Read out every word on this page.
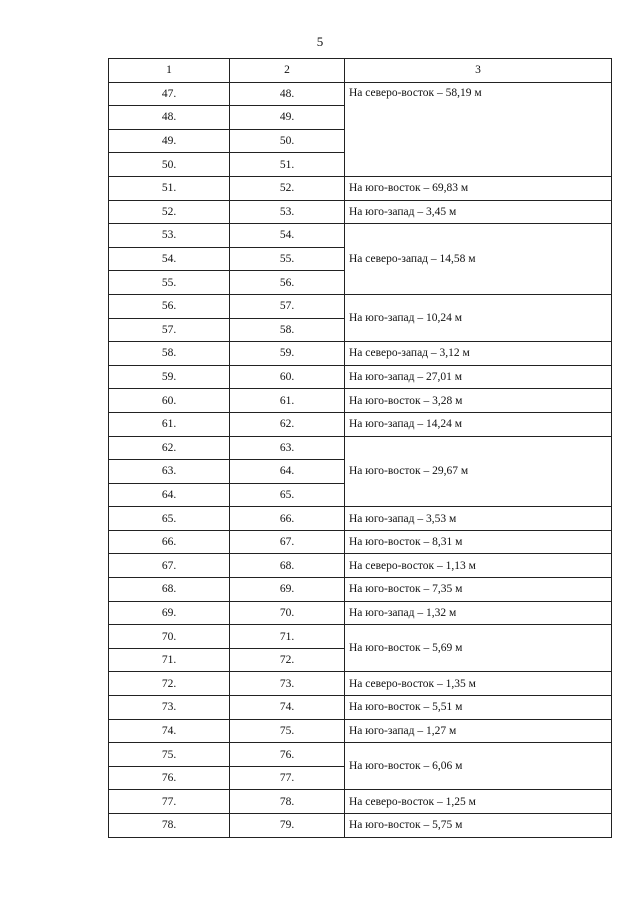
5
1	2	3
47.	48.	На северо-восток – 58,19 м
48.	49.	
49.	50.	
50.	51.	
51.	52.	На юго-восток – 69,83 м
52.	53.	На юго-запад – 3,45 м
53.	54.	На северо-запад – 14,58 м
54.	55.	
55.	56.	
56.	57.	На юго-запад – 10,24 м
57.	58.	
58.	59.	На северо-запад – 3,12 м
59.	60.	На юго-запад – 27,01 м
60.	61.	На юго-восток – 3,28 м
61.	62.	На юго-запад – 14,24 м
62.	63.	На юго-восток – 29,67 м
63.	64.	
64.	65.	
65.	66.	На юго-запад – 3,53 м
66.	67.	На юго-восток – 8,31 м
67.	68.	На северо-восток – 1,13 м
68.	69.	На юго-восток – 7,35 м
69.	70.	На юго-запад – 1,32 м
70.	71.	На юго-восток – 5,69 м
71.	72.	
72.	73.	На северо-восток – 1,35 м
73.	74.	На юго-восток – 5,51 м
74.	75.	На юго-запад – 1,27 м
75.	76.	На юго-восток – 6,06 м
76.	77.	
77.	78.	На северо-восток – 1,25 м
78.	79.	На юго-восток – 5,75 м
